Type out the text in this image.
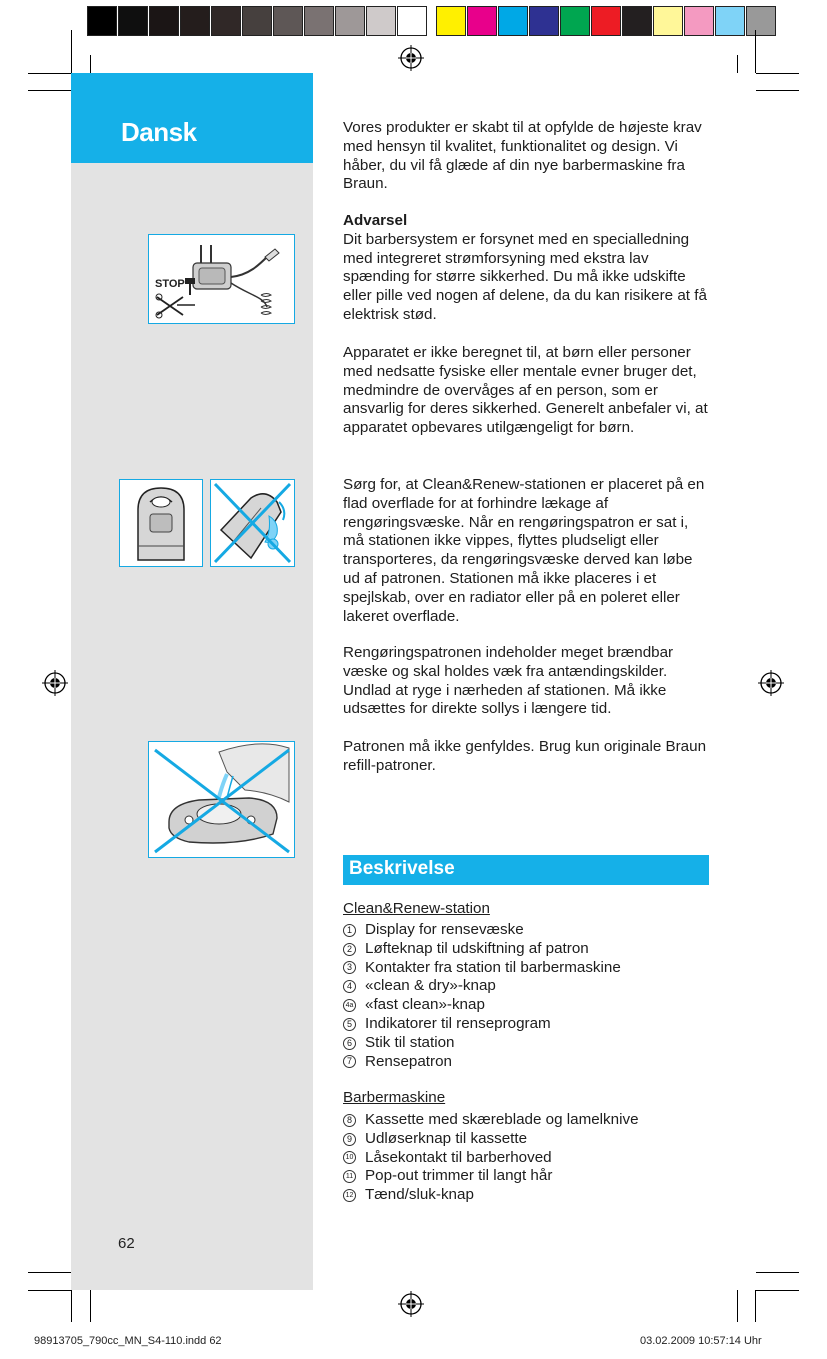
Dansk
STOP
62

Vores produkter er skabt til at opfylde de højeste krav med hensyn til kvalitet, funktionalitet og design. Vi håber, du vil få glæde af din nye barbermaskine fra Braun.

Advarsel

Dit barbersystem er forsynet med en specialledning med integreret strømforsyning med ekstra lav spænding for større sikkerhed. Du må ikke udskifte eller pille ved nogen af delene, da du kan risikere at få elektrisk stød.

Apparatet er ikke beregnet til, at børn eller personer med nedsatte fysiske eller mentale evner bruger det, medmindre de overvåges af en person, som er ansvarlig for deres sikkerhed. Generelt anbefaler vi, at apparatet opbevares utilgængeligt for børn.

Sørg for, at Clean&Renew-stationen er placeret på en flad overflade for at forhindre lækage af rengøringsvæske. Når en rengøringspatron er sat i, må stationen ikke vippes, flyttes pludseligt eller transporteres, da rengøringsvæske derved kan løbe ud af patronen. Stationen må ikke placeres i et spejlskab, over en radiator eller på en poleret eller lakeret overflade.

Rengøringspatronen indeholder meget brændbar væske og skal holdes væk fra antændingskilder. Undlad at ryge i nærheden af stationen. Må ikke udsættes for direkte sollys i længere tid.

Patronen må ikke genfyldes. Brug kun originale Braun refill-patroner.

Beskrivelse
Clean&Renew-station
1 Display for rensevæske
2 Løfteknap til udskiftning af patron
3 Kontakter fra station til barbermaskine
4 «clean & dry»-knap
4a «fast clean»-knap
5 Indikatorer til renseprogram
6 Stik til station
7 Rensepatron
Barbermaskine
8 Kassette med skæreblade og lamelknive
9 Udløserknap til kassette
10 Låsekontakt til barberhoved
11 Pop-out trimmer til langt hår
12 Tænd/sluk-knap
98913705_790cc_MN_S4-110.indd 62	03.02.2009 10:57:14 Uhr
